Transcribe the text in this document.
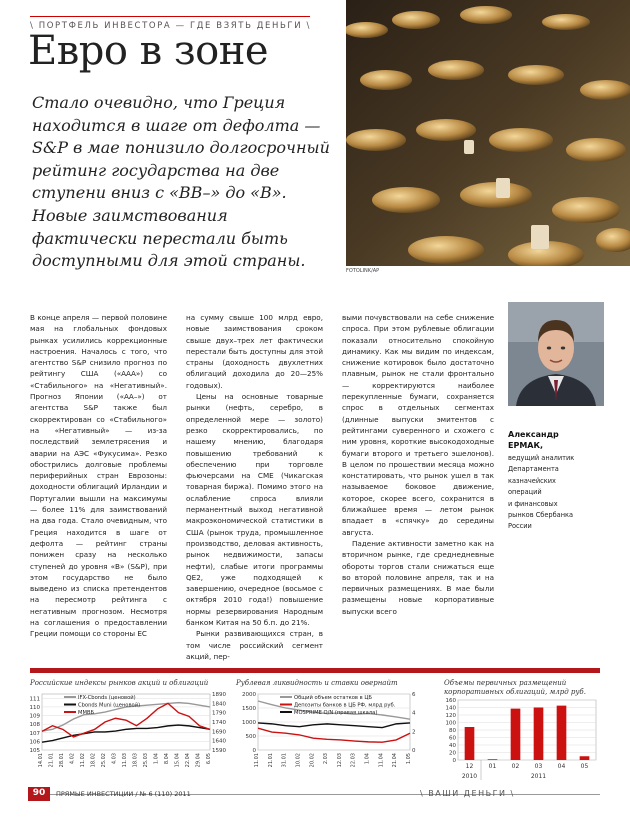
\ ПОРТФЕЛЬ ИНВЕСТОРА — ГДЕ ВЗЯТЬ ДЕНЬГИ \
Евро в зоне
Стало очевидно, что Греция находится в шаге от дефолта — S&P в мае понизило долгосрочный рейтинг государства на две ступени вниз с «ВВ–» до «В». Новые заимствования фактически перестали быть доступными для этой страны.
FOTOLINK/AP

В конце апреля — первой половине мая на глобальных фондовых рынках усилились коррекционные настроения. Началось с того, что агентство S&P снизило прогноз по рейтингу США («ААА») со «Стабильного» на «Негативный». Прогноз Японии («АА–») от агентства S&P также был скорректирован со «Стабильного» на «Негативный» — из-за последствий землетрясения и аварии на АЭС «Фукусима». Резко обострились долговые проблемы периферийных стран Еврозоны: доходности облигаций Ирландии и Португалии вышли на максимумы — более 11% для заимствований на два года. Стало очевидным, что Греция находится в шаге от дефолта — рейтинг страны понижен сразу на несколько ступеней до уровня «В» (S&P), при этом государство не было выведено из списка претендентов на пересмотр рейтинга с негативным прогнозом. Несмотря на соглашения о предоставлении Греции помощи со стороны ЕС

на сумму свыше 100 млрд евро, новые заимствования сроком свыше двух–трех лет фактически перестали быть доступны для этой страны (доходность двухлетних облигаций доходила до 20—25% годовых).

Цены на основные товарные рынки (нефть, серебро, в определенной мере — золото) резко скорректировались, по нашему мнению, благодаря повышению требований к обеспечению при торговле фьючерсами на CME (Чикагская товарная биржа). Помимо этого на ослабление спроса влияли перманентный выход негативной макроэкономической статистики в США (рынок труда, промышленное производство, деловая активность, рынок недвижимости, запасы нефти), слабые итоги программы QE2, уже подходящей к завершению, очередное (восьмое с октября 2010 года!) повышение нормы резервирования Народным банком Китая на 50 б.п. до 21%.

Рынки развивающихся стран, в том числе российский сегмент акций, пер-

выми почувствовали на себе снижение спроса. При этом рублевые облигации показали относительно спокойную динамику. Как мы видим по индексам, снижение котировок было достаточно плавным, рынок не стали фронтально — корректируются наиболее перекупленные бумаги, сохраняется спрос в отдельных сегментах (длинные выпуски эмитентов с рейтингами суверенного и схожего с ним уровня, короткие высокодоходные бумаги второго и третьего эшелонов). В целом по прошествии месяца можно констатировать, что рынок ушел в так называемое боковое движение, которое, скорее всего, сохранится в ближайшее время — летом рынок впадает в «спячку» до середины августа.

Падение активности заметно как на вторичном рынке, где среднедневные обороты торгов стали снижаться еще во второй половине апреля, так и на первичных размещениях. В мае были размещены новые корпоративные выпуски всего

Александр
ЕРМАК,
ведущий аналитик
Департамента
казначейских
операций
и финансовых
рынков Сбербанка
России
Российские индексы рынков акций и облигаций
105
106
107
108
109
110
111
1590
1640
1690
1740
1790
1840
1890
14.01 21.01 28.01 4.02 11.02 18.02 25.02 4.03 11.03 18.03 25.03 1.04 8.04 15.04 22.04 29.04 6.05
IFX-Cbonds (ценовой)
Cbonds Muni (ценовой)
ММВБ
Рублевая ликвидность и ставки овернайт
0
500
1000
1500
2000
0
2
4
6
11.01 21.01 31.01 10.02 20.02 2.03 12.03 22.03 1.04 11.04 21.04 1.05
Общий объем остатков в ЦБ
Депозиты банков в ЦБ РФ, млрд руб.
MOSPRIME O/N (правая шкала)
Объемы первичных размещений корпоративных облигаций, млрд руб.
0
20
40
60
80
100
120
140
160
12	01	02	03	04	05
2010	2011
90	ПРЯМЫЕ ИНВЕСТИЦИИ / № 6 (110) 2011	\ ВАШИ ДЕНЬГИ \
